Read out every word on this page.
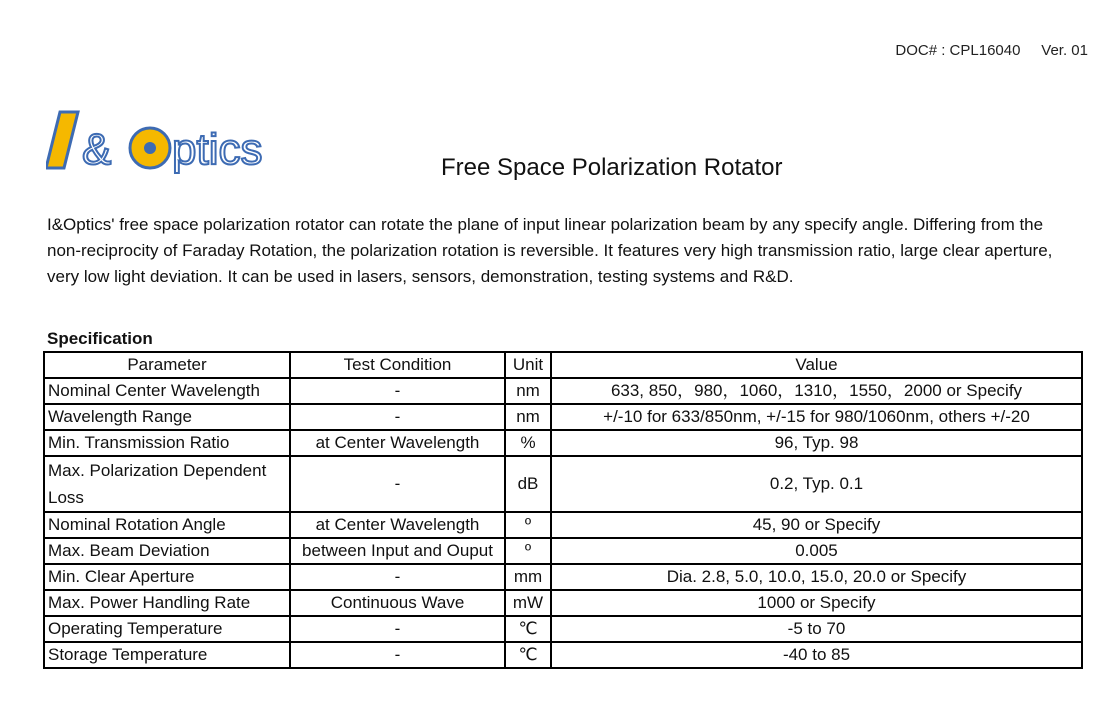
DOC# : CPL16040     Ver. 01
& ptics	Free Space Polarization Rotator
I&Optics' free space polarization rotator can rotate the plane of input linear polarization beam by any specify angle. Differing from the non-reciprocity of Faraday Rotation, the polarization rotation is reversible. It features very high transmission ratio, large clear aperture, very low light deviation. It can be used in lasers, sensors, demonstration, testing systems and R&D.
Specification
Parameter	Test Condition	Unit	Value
Nominal Center Wavelength	-	nm	633, 850，980，1060，1310，1550，2000 or Specify
Wavelength Range	-	nm	+/-10 for 633/850nm, +/-15 for 980/1060nm, others +/-20
Min. Transmission Ratio	at Center Wavelength	%	96, Typ. 98
Max. Polarization Dependent Loss	-	dB	0.2, Typ. 0.1
Nominal Rotation Angle	at Center Wavelength	º	45, 90 or Specify
Max. Beam Deviation	between Input and Ouput	º	0.005
Min. Clear Aperture	-	mm	Dia. 2.8, 5.0, 10.0, 15.0, 20.0 or Specify
Max. Power Handling Rate	Continuous Wave	mW	1000 or Specify
Operating Temperature	-	℃	-5 to 70
Storage Temperature	-	℃	-40 to 85
